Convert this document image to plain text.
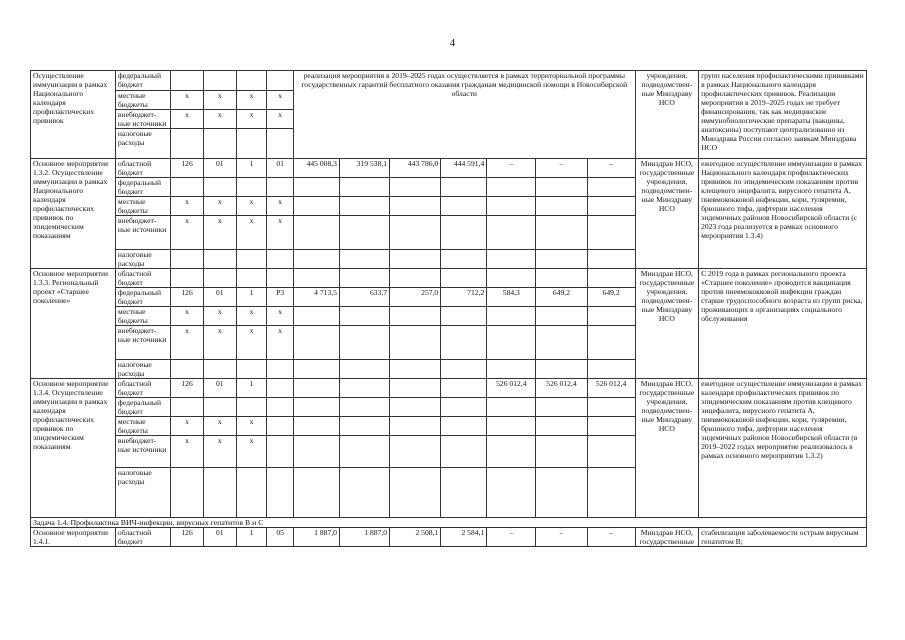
4
Осуществление иммунизации в рамках Национального календаря профилактических прививок	федеральный бюджет					реализация мероприятия в 2019–2025 годах осуществляется в рамках территориальной программы государственных гарантий бесплатного оказания гражданам медицинской помощи в Новосибирской области							учреждения, подведомствен-ные Минздраву НСО	групп населения профилактическими прививками в рамках Национального календаря профилактических прививок. Реализация мероприятия в 2019–2025 годах не требует финансирования, так как медицинские иммунобиологические препараты (вакцины, анатоксины) поступают централизованно из Минздрава России согласно заявкам Минздрава НСО
	местные бюджеты	x	x	x	x									
	внебюджет-ные источники	x	x	x	x									
	налоговые расходы													
Основное мероприятие 1.3.2. Осуществление иммунизации в рамках Национального календаря профилактических прививок по эпидемическим показаниям	областной бюджет	126	01	1	01	445 008,3	319 538,1	443 786,0	444 591,4	–	–	–	Минздрав НСО, государственные учреждения, подведомствен-ные Минздраву НСО	ежегодное осуществление иммунизации в рамках Национального календаря профилактических прививок по эпидемическим показаниям против клещевого энцефалита, вирусного гепатита А, пневмококковой инфекции, кори, туляремии, брюшного тифа, дифтерии населения эндемичных районов Новосибирской области (с 2023 года реализуется в рамках основного мероприятия 1.3.4)
	федеральный бюджет													
	местные бюджеты	x	x	x	x									
	внебюджет-ные источники	x	x	x	x									
	налоговые расходы													
Основное мероприятие 1.3.3. Региональный проект «Старшее поколение»	областной бюджет												Минздрав НСО, государственные учреждения, подведомствен-ные Минздраву НСО	С 2019 года в рамках регионального проекта «Старшее поколение» проводится вакцинация против пневмококковой инфекции граждан старше трудоспособного возраста из групп риска, проживающих в организациях социального обслуживания
	федеральный бюджет	126	01	1	P3	4 713,5	633,7	257,0	712,2	584,3	649,2	649,2		
	местные бюджеты	x	x	x	x									
	внебюджет-ные источники	x	x	x	x									
	налоговые расходы													
Основное мероприятие 1.3.4. Осуществление иммунизации в рамках календаря профилактических прививок по эпидемическим показаниям	областной бюджет	126	01	1						526 012,4	526 012,4	526 012,4	Минздрав НСО, государственные учреждения, подведомствен-ные Минздраву НСО	ежегодное осуществление иммунизации в рамках календаря профилактических прививок по эпидемическим показаниям против клещевого энцефалита, вирусного гепатита А, пневмококковой инфекции, кори, туляремии, брюшного тифа, дифтерии населения эндемичных районов Новосибирской области (в 2019–2022 годах мероприятие реализовалось в рамках основного мероприятия 1.3.2)
	федеральный бюджет													
	местные бюджеты	x	x	x										
	внебюджет-ные источники	x	x	x										
	налоговые расходы													
Задача 1.4. Профилактика ВИЧ-инфекции, вирусных гепатитов В и С														
Основное мероприятие 1.4.1.	областной бюджет	126	01	1	05	1 887,0	1 887,0	2 508,1	2 584,1	–	–	–	Минздрав НСО, государственные	стабилизация заболеваемости острым вирусным гепатитом В;
